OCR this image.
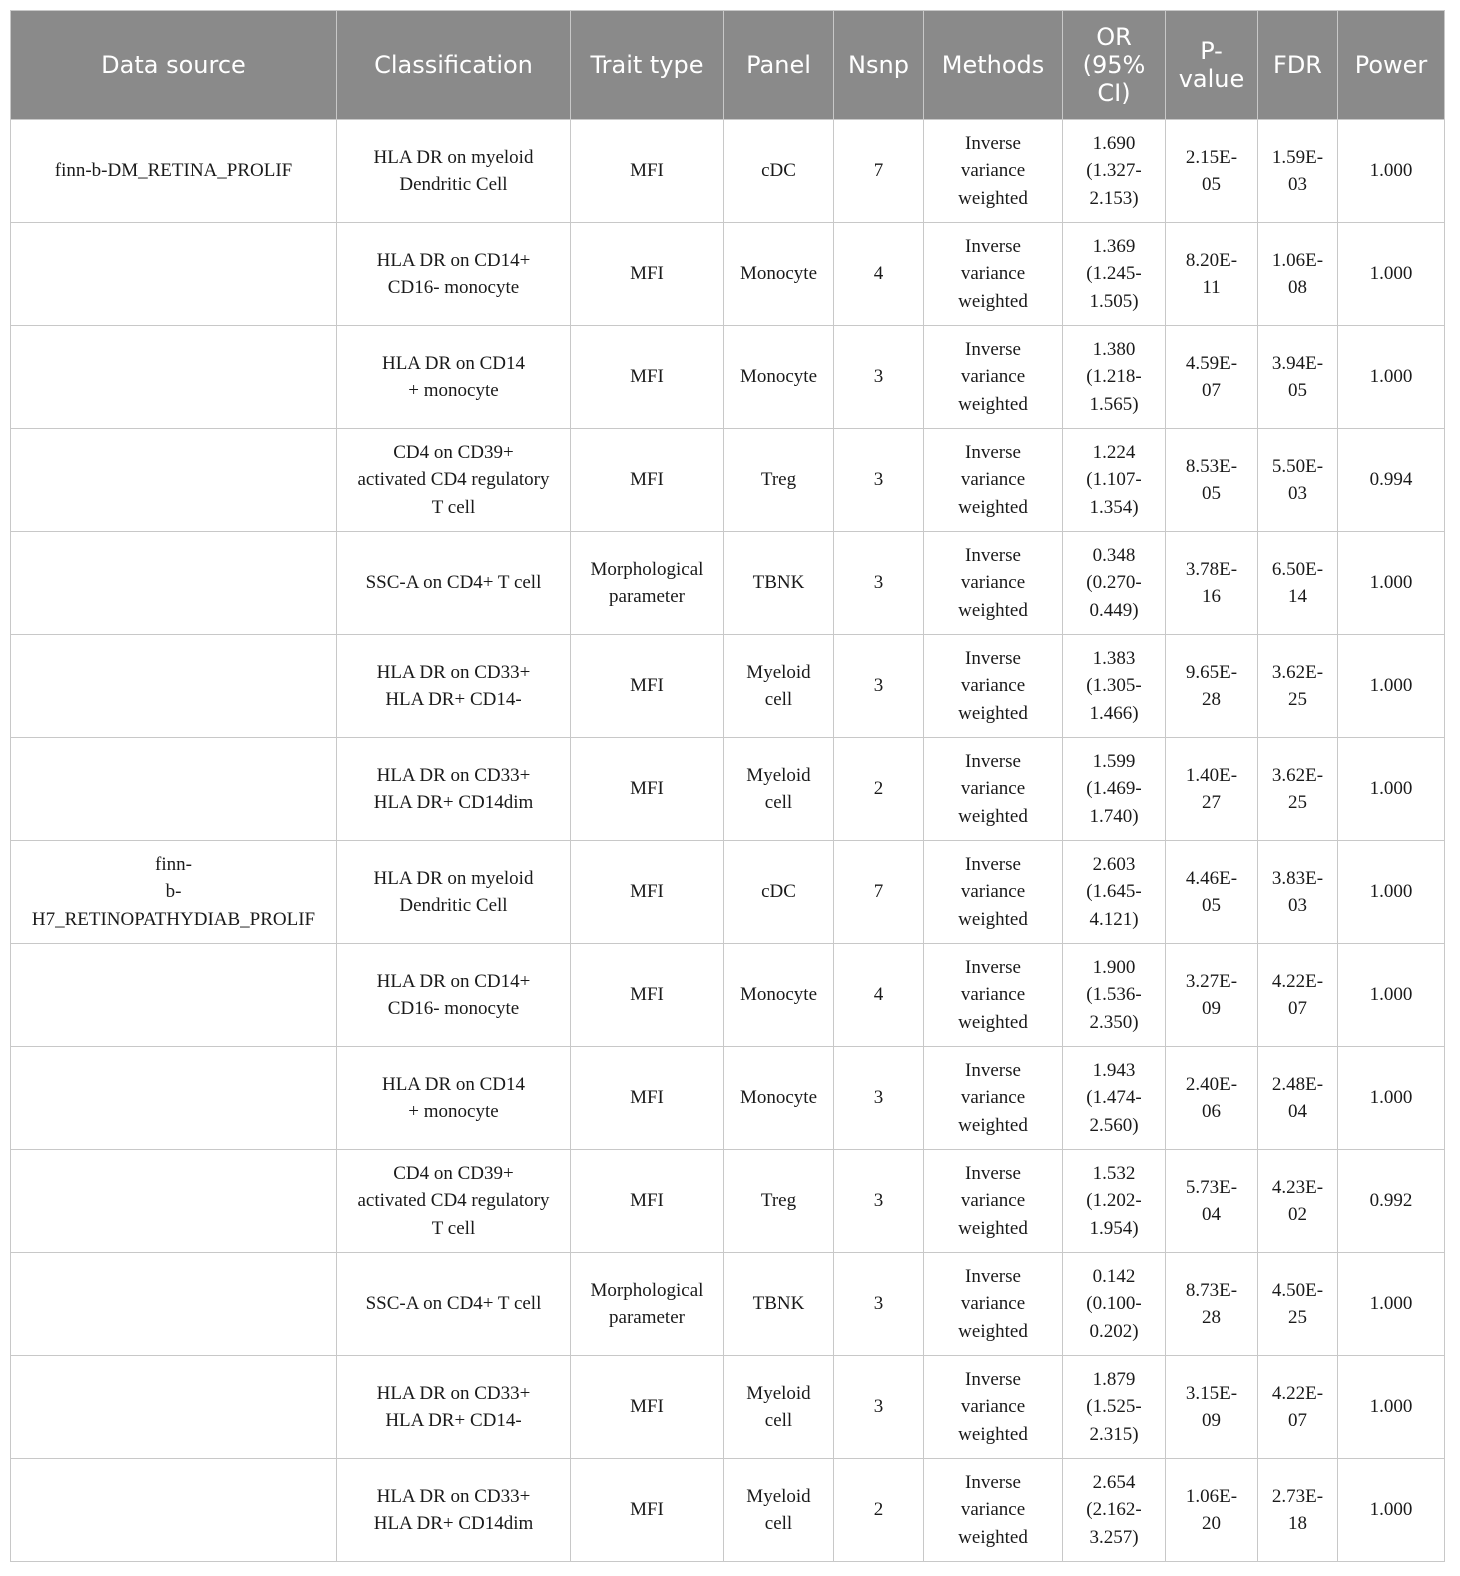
Data source	Classification	Trait type	Panel	Nsnp	Methods	OR (95% CI)	P- value	FDR	Power

finn-b-DM_RETINA_PROLIF	HLA DR on myeloid
Dendritic Cell	MFI	cDC	7	Inverse
variance
weighted	1.690
(1.327-
2.153)	2.15E-
05	1.59E-
03	1.000

	HLA DR on CD14+
CD16- monocyte	MFI	Monocyte	4	Inverse
variance
weighted	1.369
(1.245-
1.505)	8.20E-
11	1.06E-
08	1.000

	HLA DR on CD14
+ monocyte	MFI	Monocyte	3	Inverse
variance
weighted	1.380
(1.218-
1.565)	4.59E-
07	3.94E-
05	1.000

	CD4 on CD39+
activated CD4 regulatory
T cell	MFI	Treg	3	Inverse
variance
weighted	1.224
(1.107-
1.354)	8.53E-
05	5.50E-
03	0.994

	SSC-A on CD4+ T cell	Morphological
parameter	TBNK	3	Inverse
variance
weighted	0.348
(0.270-
0.449)	3.78E-
16	6.50E-
14	1.000

	HLA DR on CD33+
HLA DR+ CD14-	MFI	Myeloid
cell	3	Inverse
variance
weighted	1.383
(1.305-
1.466)	9.65E-
28	3.62E-
25	1.000

	HLA DR on CD33+
HLA DR+ CD14dim	MFI	Myeloid
cell	2	Inverse
variance
weighted	1.599
(1.469-
1.740)	1.40E-
27	3.62E-
25	1.000

finn-
b-
H7_RETINOPATHYDIAB_PROLIF	HLA DR on myeloid
Dendritic Cell	MFI	cDC	7	Inverse
variance
weighted	2.603
(1.645-
4.121)	4.46E-
05	3.83E-
03	1.000

	HLA DR on CD14+
CD16- monocyte	MFI	Monocyte	4	Inverse
variance
weighted	1.900
(1.536-
2.350)	3.27E-
09	4.22E-
07	1.000

	HLA DR on CD14
+ monocyte	MFI	Monocyte	3	Inverse
variance
weighted	1.943
(1.474-
2.560)	2.40E-
06	2.48E-
04	1.000

	CD4 on CD39+
activated CD4 regulatory
T cell	MFI	Treg	3	Inverse
variance
weighted	1.532
(1.202-
1.954)	5.73E-
04	4.23E-
02	0.992

	SSC-A on CD4+ T cell	Morphological
parameter	TBNK	3	Inverse
variance
weighted	0.142
(0.100-
0.202)	8.73E-
28	4.50E-
25	1.000

	HLA DR on CD33+
HLA DR+ CD14-	MFI	Myeloid
cell	3	Inverse
variance
weighted	1.879
(1.525-
2.315)	3.15E-
09	4.22E-
07	1.000

	HLA DR on CD33+
HLA DR+ CD14dim	MFI	Myeloid
cell	2	Inverse
variance
weighted	2.654
(2.162-
3.257)	1.06E-
20	2.73E-
18	1.000
